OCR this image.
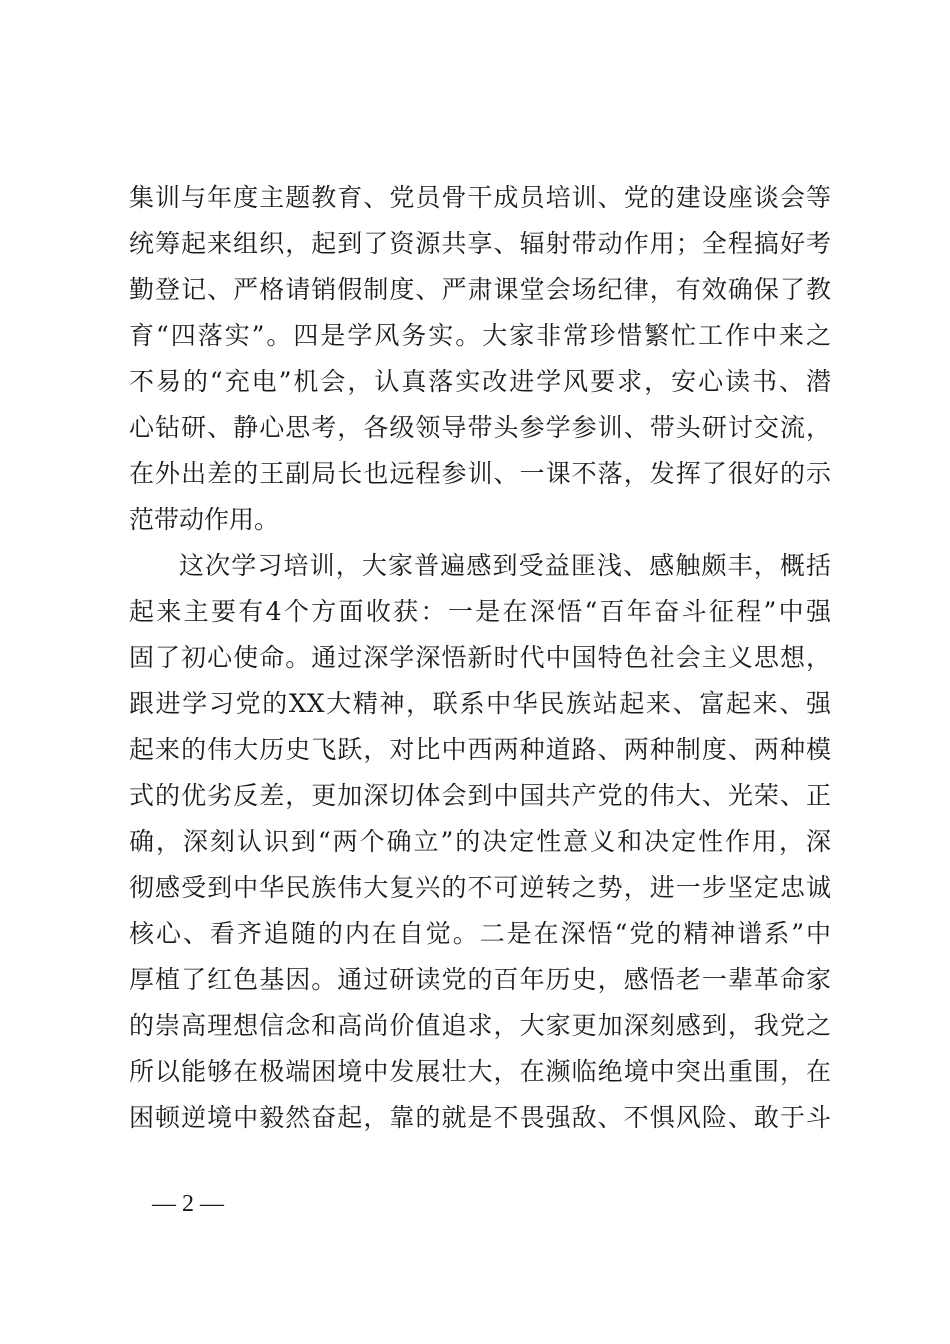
集训与年度主题教育、党员骨干成员培训、党的建设座谈会等
统筹起来组织，起到了资源共享、辐射带动作用；全程搞好考
勤登记、严格请销假制度、严肃课堂会场纪律，有效确保了教
育“四落实”。四是学风务实。大家非常珍惜繁忙工作中来之
不易的“充电”机会，认真落实改进学风要求，安心读书、潜
心钻研、静心思考，各级领导带头参学参训、带头研讨交流，
在外出差的王副局长也远程参训、一课不落，发挥了很好的示
范带动作用。
这次学习培训，大家普遍感到受益匪浅、感触颇丰，概括
起来主要有4个方面收获：一是在深悟“百年奋斗征程”中强
固了初心使命。通过深学深悟新时代中国特色社会主义思想，
跟进学习党的XX大精神，联系中华民族站起来、富起来、强
起来的伟大历史飞跃，对比中西两种道路、两种制度、两种模
式的优劣反差，更加深切体会到中国共产党的伟大、光荣、正
确，深刻认识到“两个确立”的决定性意义和决定性作用，深
彻感受到中华民族伟大复兴的不可逆转之势，进一步坚定忠诚
核心、看齐追随的内在自觉。二是在深悟“党的精神谱系”中
厚植了红色基因。通过研读党的百年历史，感悟老一辈革命家
的崇高理想信念和高尚价值追求，大家更加深刻感到，我党之
所以能够在极端困境中发展壮大，在濒临绝境中突出重围，在
困顿逆境中毅然奋起，靠的就是不畏强敌、不惧风险、敢于斗
— 2 —
